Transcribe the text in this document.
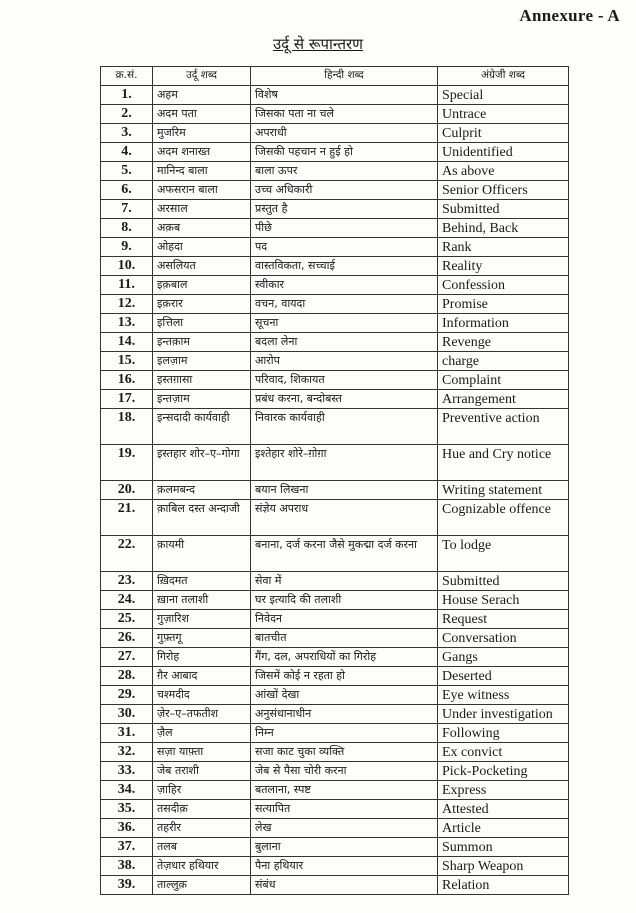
Annexure - A
उर्दू से रूपान्तरण
क्र.सं.	उर्दू शब्द	हिन्दी शब्द	अंग्रेजी शब्द
1.	अहम	विशेष	Special
2.	अदम पता	जिसका पता ना चले	Untrace
3.	मुजरिम	अपराधी	Culprit
4.	अदम शनाख्त	जिसकी पहचान न हुई हो	Unidentified
5.	मानिन्द बाला	बाला ऊपर	As above
6.	अफसरान बाला	उच्च अधिकारी	Senior Officers
7.	अरसाल	प्रस्तुत है	Submitted
8.	अक़ब	पीछे	Behind, Back
9.	ओहदा	पद	Rank
10.	असलियत	वास्तविकता, सच्चाई	Reality
11.	इक़बाल	स्वीकार	Confession
12.	इक़रार	वचन, वायदा	Promise
13.	इत्तिला	सूचना	Information
14.	इन्तक़ाम	बदला लेना	Revenge
15.	इलज़ाम	आरोप	charge
16.	इस्तग़ासा	परिवाद, शिकायत	Complaint
17.	इन्तज़ाम	प्रबंध करना, बन्दोबस्त	Arrangement
18.	इन्सदादी कार्यवाही	निवारक कार्यवाही	Preventive action
19.	इस्तहार शोर–ए–गोगा	इश्तेहार शोरे–ग़ोग़ा	Hue and Cry notice
20.	क़लमबन्द	बयान लिखना	Writing statement
21.	क़ाबिल दस्त अन्दाजी	संज्ञेय अपराध	Cognizable offence
22.	क़ायमी	बनाना, दर्ज करना जैसे मुकद्मा दर्ज करना	To lodge
23.	ख़िदमत	सेवा में	Submitted
24.	ख़ाना तलाशी	घर इत्यादि की तलाशी	House Serach
25.	गुज़ारिश	निवेदन	Request
26.	गुफ़्तगू	बातचीत	Conversation
27.	गिरोह	गैंग, दल, अपराधियों का गिरोह	Gangs
28.	ग़ैर आबाद	जिसमें कोई न रहता हो	Deserted
29.	चश्मदीद	आंखों देखा	Eye witness
30.	ज़ेर–ए–तफतीश	अनुसंधानाधीन	Under investigation
31.	ज़ैल	निम्न	Following
32.	सज़ा याफ़्ता	सजा काट चुका व्यक्ति	Ex convict
33.	जेब तराशी	जेब से पैसा चोरी करना	Pick-Pocketing
34.	ज़ाहिर	बतलाना, स्पष्ट	Express
35.	तसदीक़	सत्यापित	Attested
36.	तहरीर	लेख	Article
37.	तलब	बुलाना	Summon
38.	तेज़धार हथियार	पैना हथियार	Sharp Weapon
39.	ताल्लुक़	संबंध	Relation
